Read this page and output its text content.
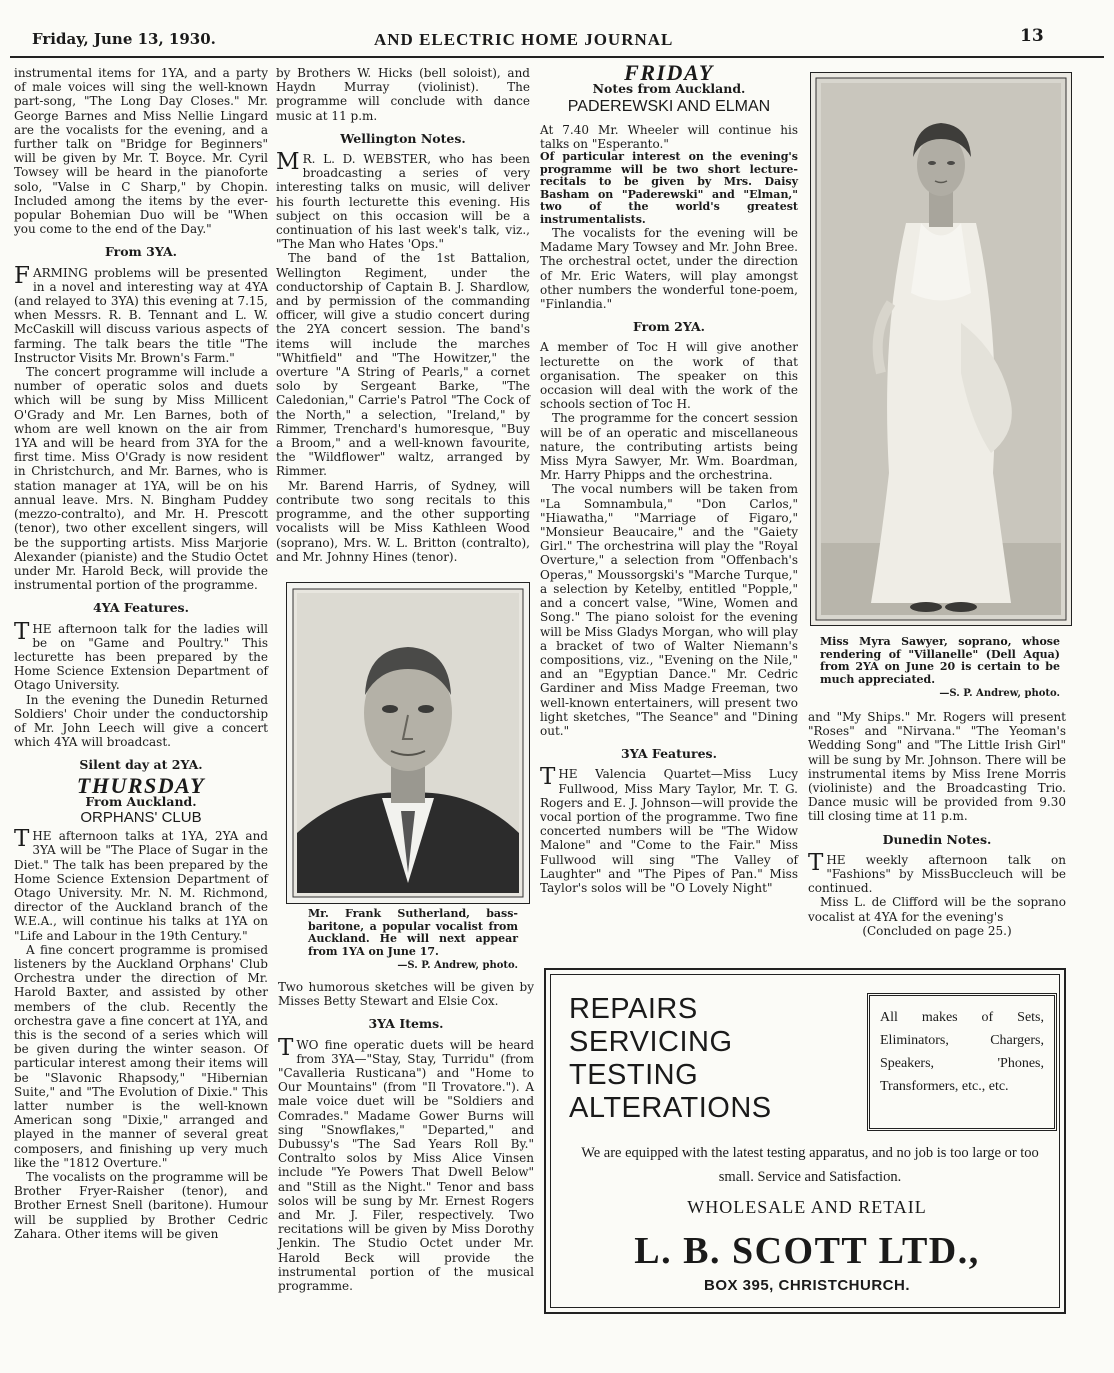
Friday, June 13, 1930.	AND ELECTRIC HOME JOURNAL	13

instrumental items for 1YA, and a party of male voices will sing the well-known part-song, "The Long Day Closes." Mr. George Barnes and Miss Nellie Lingard are the vocalists for the evening, and a further talk on "Bridge for Beginners" will be given by Mr. T. Boyce. Mr. Cyril Towsey will be heard in the pianoforte solo, "Valse in C Sharp," by Chopin. Included among the items by the ever-popular Bohemian Duo will be "When you come to the end of the Day."

From 3YA.

FARMING problems will be presented in a novel and interesting way at 4YA (and relayed to 3YA) this evening at 7.15, when Messrs. R. B. Tennant and L. W. McCaskill will discuss various aspects of farming. The talk bears the title "The Instructor Visits Mr. Brown's Farm."

The concert programme will include a number of operatic solos and duets which will be sung by Miss Millicent O'Grady and Mr. Len Barnes, both of whom are well known on the air from 1YA and will be heard from 3YA for the first time. Miss O'Grady is now resident in Christchurch, and Mr. Barnes, who is station manager at 1YA, will be on his annual leave. Mrs. N. Bingham Puddey (mezzo-contralto), and Mr. H. Prescott (tenor), two other excellent singers, will be the supporting artists. Miss Marjorie Alexander (pianiste) and the Studio Octet under Mr. Harold Beck, will provide the instrumental portion of the programme.

4YA Features.

THE afternoon talk for the ladies will be on "Game and Poultry." This lecturette has been prepared by the Home Science Extension Department of Otago University.

In the evening the Dunedin Returned Soldiers' Choir under the conductorship of Mr. John Leech will give a concert which 4YA will broadcast.

Silent day at 2YA.
THURSDAY
From Auckland.
ORPHANS' CLUB

THE afternoon talks at 1YA, 2YA and 3YA will be "The Place of Sugar in the Diet." The talk has been prepared by the Home Science Extension Department of Otago University. Mr. N. M. Richmond, director of the Auckland branch of the W.E.A., will continue his talks at 1YA on "Life and Labour in the 19th Century."

A fine concert programme is promised listeners by the Auckland Orphans' Club Orchestra under the direction of Mr. Harold Baxter, and assisted by other members of the club. Recently the orchestra gave a fine concert at 1YA, and this is the second of a series which will be given during the winter season. Of particular interest among their items will be "Slavonic Rhapsody," "Hibernian Suite," and "The Evolution of Dixie." This latter number is the well-known American song "Dixie," arranged and played in the manner of several great composers, and finishing up very much like the "1812 Overture."

The vocalists on the programme will be Brother Fryer-Raisher (tenor), and Brother Ernest Snell (baritone). Humour will be supplied by Brother Cedric Zahara. Other items will be given

by Brothers W. Hicks (bell soloist), and Haydn Murray (violinist). The programme will conclude with dance music at 11 p.m.

Wellington Notes.

MR. L. D. WEBSTER, who has been broadcasting a series of very interesting talks on music, will deliver his fourth lecturette this evening. His subject on this occasion will be a continuation of his last week's talk, viz., "The Man who Hates 'Ops."

The band of the 1st Battalion, Wellington Regiment, under the conductorship of Captain B. J. Shardlow, and by permission of the commanding officer, will give a studio concert during the 2YA concert session. The band's items will include the marches "Whitfield" and "The Howitzer," the overture "A String of Pearls," a cornet solo by Sergeant Barke, "The Caledonian," Carrie's Patrol "The Cock of the North," a selection, "Ireland," by Rimmer, Trenchard's humoresque, "Buy a Broom," and a well-known favourite, the "Wildflower" waltz, arranged by Rimmer.

Mr. Barend Harris, of Sydney, will contribute two song recitals to this programme, and the other supporting vocalists will be Miss Kathleen Wood (soprano), Mrs. W. L. Britton (contralto), and Mr. Johnny Hines (tenor).

Mr. Frank Sutherland, bass-baritone, a popular vocalist from Auckland. He will next appear from 1YA on June 17.
—S. P. Andrew, photo.

Two humorous sketches will be given by Misses Betty Stewart and Elsie Cox.

3YA Items.

TWO fine operatic duets will be heard from 3YA—"Stay, Stay, Turridu" (from "Cavalleria Rusticana") and "Home to Our Mountains" (from "Il Trovatore."). A male voice duet will be "Soldiers and Comrades." Madame Gower Burns will sing "Snowflakes," "Departed," and Dubussy's "The Sad Years Roll By." Contralto solos by Miss Alice Vinsen include "Ye Powers That Dwell Below" and "Still as the Night." Tenor and bass solos will be sung by Mr. Ernest Rogers and Mr. J. Filer, respectively. Two recitations will be given by Miss Dorothy Jenkin. The Studio Octet under Mr. Harold Beck will provide the instrumental portion of the musical programme.

FRIDAY
Notes from Auckland.
PADEREWSKI AND ELMAN

At 7.40 Mr. Wheeler will continue his talks on "Esperanto."

Of particular interest on the evening's programme will be two short lecture-recitals to be given by Mrs. Daisy Basham on "Paderewski" and "Elman," two of the world's greatest instrumentalists.

The vocalists for the evening will be Madame Mary Towsey and Mr. John Bree. The orchestral octet, under the direction of Mr. Eric Waters, will play amongst other numbers the wonderful tone-poem, "Finlandia."

From 2YA.

A member of Toc H will give another lecturette on the work of that organisation. The speaker on this occasion will deal with the work of the schools section of Toc H.

The programme for the concert session will be of an operatic and miscellaneous nature, the contributing artists being Miss Myra Sawyer, Mr. Wm. Boardman, Mr. Harry Phipps and the orchestrina.

The vocal numbers will be taken from "La Somnambula," "Don Carlos," "Hiawatha," "Marriage of Figaro," "Monsieur Beaucaire," and the "Gaiety Girl." The orchestrina will play the "Royal Overture," a selection from "Offenbach's Operas," Moussorgski's "Marche Turque," a selection by Ketelby, entitled "Popple," and a concert valse, "Wine, Women and Song." The piano soloist for the evening will be Miss Gladys Morgan, who will play a bracket of two of Walter Niemann's compositions, viz., "Evening on the Nile," and an "Egyptian Dance." Mr. Cedric Gardiner and Miss Madge Freeman, two well-known entertainers, will present two light sketches, "The Seance" and "Dining out."

3YA Features.

THE Valencia Quartet—Miss Lucy Fullwood, Miss Mary Taylor, Mr. T. G. Rogers and E. J. Johnson—will provide the vocal portion of the programme. Two fine concerted numbers will be "The Widow Malone" and "Come to the Fair." Miss Fullwood will sing "The Valley of Laughter" and "The Pipes of Pan." Miss Taylor's solos will be "O Lovely Night"

Miss Myra Sawyer, soprano, whose rendering of "Villanelle" (Dell Aqua) from 2YA on June 20 is certain to be much appreciated.
—S. P. Andrew, photo.

and "My Ships." Mr. Rogers will present "Roses" and "Nirvana." "The Yeoman's Wedding Song" and "The Little Irish Girl" will be sung by Mr. Johnson. There will be instrumental items by Miss Irene Morris (violiniste) and the Broadcasting Trio. Dance music will be provided from 9.30 till closing time at 11 p.m.

Dunedin Notes.

THE weekly afternoon talk on "Fashions" by MissBuccleuch will be continued.

Miss L. de Clifford will be the soprano vocalist at 4YA for the evening's

(Concluded on page 25.)

REPAIRS
SERVICING
TESTING
ALTERATIONS
All makes of Sets, Eliminators, Chargers, Speakers, 'Phones, Transformers, etc., etc.
We are equipped with the latest testing apparatus, and no job is too large or too small. Service and Satisfaction.
WHOLESALE AND RETAIL
L. B. SCOTT LTD.,
BOX 395, CHRISTCHURCH.
